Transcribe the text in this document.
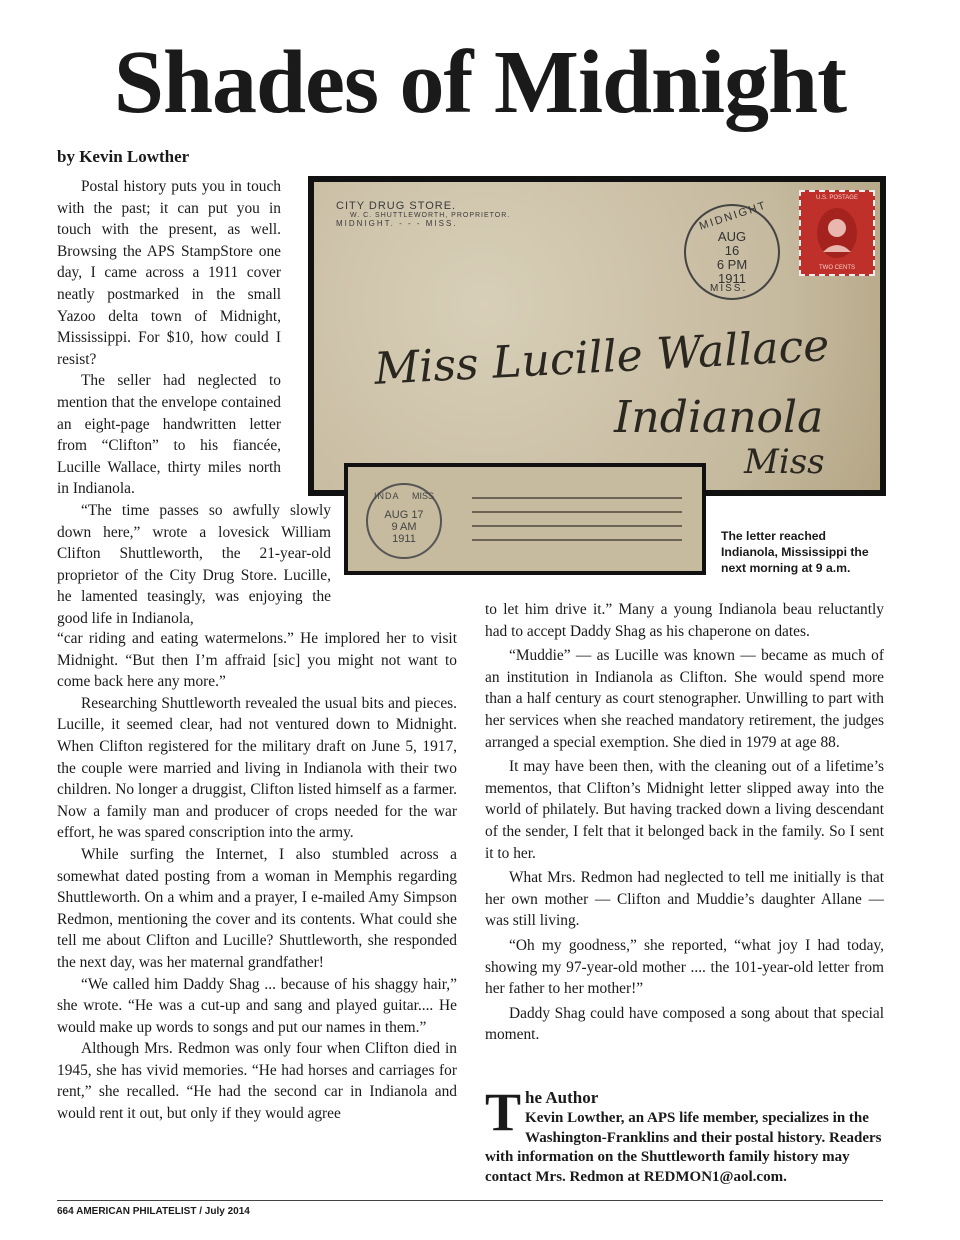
Shades of Midnight
by Kevin Lowther

Postal history puts you in touch with the past; it can put you in touch with the present, as well. Browsing the APS StampStore one day, I came across a 1911 cover neatly postmarked in the small Yazoo delta town of Midnight, Mississippi. For $10, how could I resist?

The seller had neglected to mention that the envelope contained an eight-page handwritten letter from “Clifton” to his fiancée, Lucille Wallace, thirty miles north in Indianola.

“The time passes so awfully slowly down here,” wrote a lovesick William Clifton Shuttleworth, the 21-year-old proprietor of the City Drug Store. Lucille, he lamented teasingly, was enjoying the good life in Indianola,

“car riding and eating watermelons.” He implored her to visit Midnight. “But then I’m affraid [sic] you might not want to come back here any more.”

Researching Shuttleworth revealed the usual bits and pieces. Lucille, it seemed clear, had not ventured down to Midnight. When Clifton registered for the military draft on June 5, 1917, the couple were married and living in Indianola with their two children. No longer a druggist, Clifton listed himself as a farmer. Now a family man and producer of crops needed for the war effort, he was spared conscription into the army.

While surfing the Internet, I also stumbled across a somewhat dated posting from a woman in Memphis regarding Shuttleworth. On a whim and a prayer, I e-mailed Amy Simpson Redmon, mentioning the cover and its contents. What could she tell me about Clifton and Lucille? Shuttleworth, she responded the next day, was her maternal grandfather!

“We called him Daddy Shag ... because of his shaggy hair,” she wrote. “He was a cut-up and sang and played guitar.... He would make up words to songs and put our names in them.”

Although Mrs. Redmon was only four when Clifton died in 1945, she has vivid memories. “He had horses and carriages for rent,” she recalled. “He had the second car in Indianola and would rent it out, but only if they would agree

CITY DRUG STORE.
W. C. SHUTTLEWORTH, PROPRIETOR.
MIDNIGHT. - - - MISS.	MIDNIGHT
AUG
16
6 PM
1911
MISS.
U.S. POSTAGE
TWO CENTS
Miss Lucille Wallace
Indianola
Miss
INDA MISS
AUG 17
9 AM
1911	The letter reached Indianola, Mississippi the next morning at 9 a.m.

to let him drive it.” Many a young Indianola beau reluctantly had to accept Daddy Shag as his chaperone on dates.

“Muddie” — as Lucille was known — became as much of an institution in Indianola as Clifton. She would spend more than a half century as court stenographer. Unwilling to part with her services when she reached mandatory retirement, the judges arranged a special exemption. She died in 1979 at age 88.

It may have been then, with the cleaning out of a lifetime’s mementos, that Clifton’s Midnight letter slipped away into the world of philately. But having tracked down a living descendant of the sender, I felt that it belonged back in the family. So I sent it to her.

What Mrs. Redmon had neglected to tell me initially is that her own mother — Clifton and Muddie’s daughter Allane — was still living.

“Oh my goodness,” she reported, “what joy I had today, showing my 97-year-old mother .... the 101-year-old letter from her father to her mother!”

Daddy Shag could have composed a song about that special moment.

T he Author
Kevin Lowther, an APS life member, specializes in the Washington-Franklins and their postal history. Readers with information on the Shuttleworth family history may contact Mrs. Redmon at REDMON1@aol.com.
664 AMERICAN PHILATELIST / July 2014
